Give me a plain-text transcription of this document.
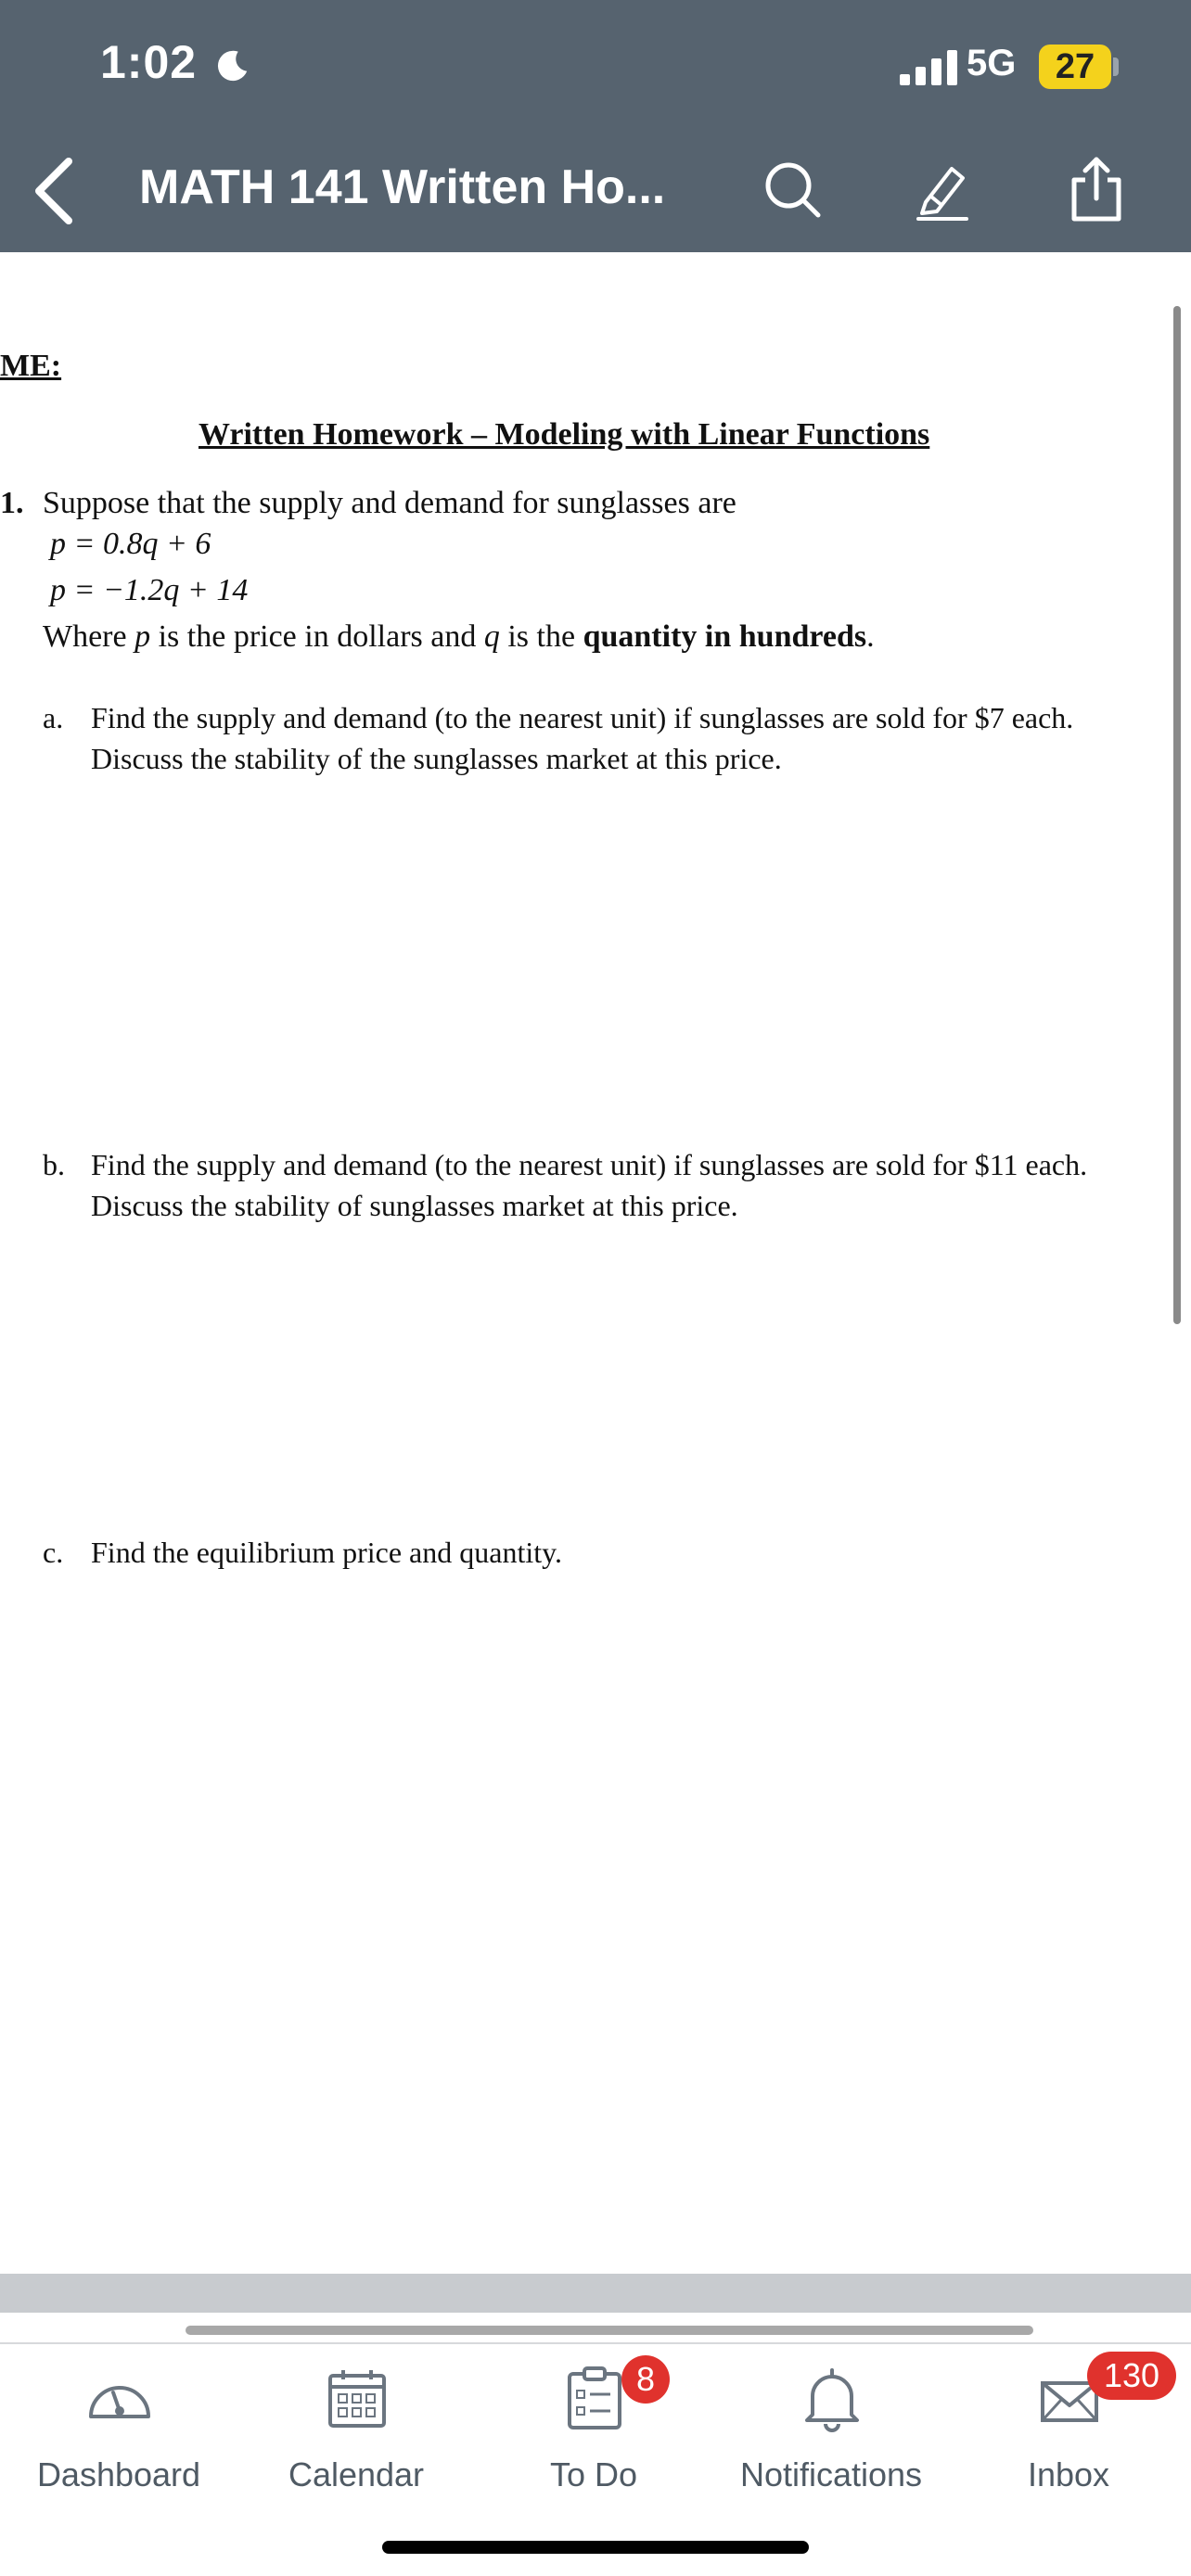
1:02	5G	27
MATH 141 Written Ho...
ME:
Written Homework – Modeling with Linear Functions
1. Suppose that the supply and demand for sunglasses are
p = 0.8q + 6
p = −1.2q + 14
Where p is the price in dollars and q is the quantity in hundreds.
a. Find the supply and demand (to the nearest unit) if sunglasses are sold for $7 each.
Discuss the stability of the sunglasses market at this price.
b. Find the supply and demand (to the nearest unit) if sunglasses are sold for $11 each.
Discuss the stability of sunglasses market at this price.
c. Find the equilibrium price and quantity.
Dashboard	Calendar
8
To Do	Notifications
130
Inbox
